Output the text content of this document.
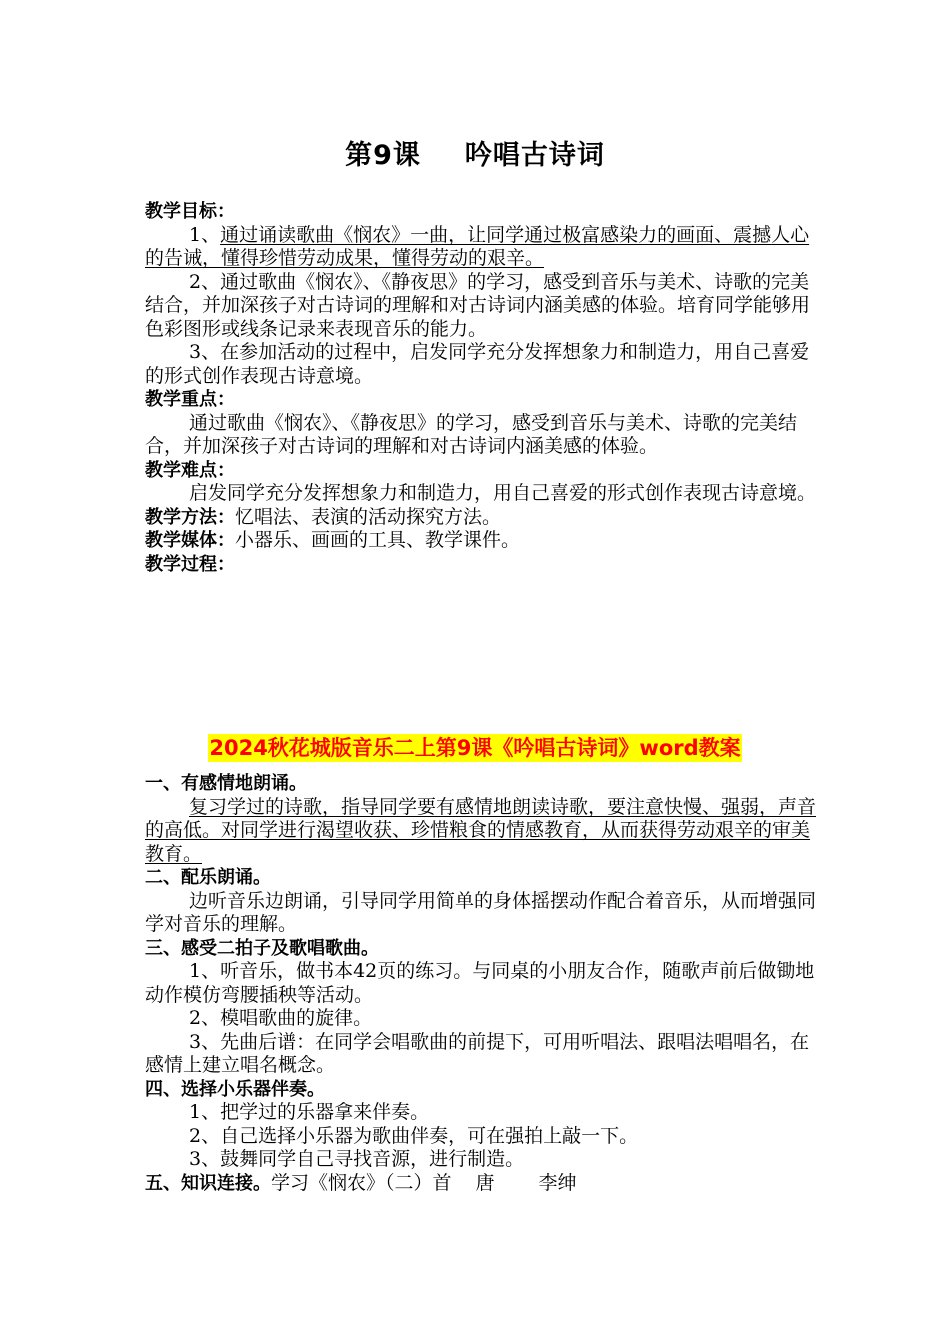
第9课 吟唱古诗词
教学目标：
1、通过诵读歌曲《悯农》一曲，让同学通过极富感染力的画面、震撼人心的告诫，懂得珍惜劳动成果，懂得劳动的艰辛。
2、通过歌曲《悯农》、《静夜思》的学习，感受到音乐与美术、诗歌的完美结合，并加深孩子对古诗词的理解和对古诗词内涵美感的体验。培育同学能够用色彩图形或线条记录来表现音乐的能力。
3、在参加活动的过程中，启发同学充分发挥想象力和制造力，用自己喜爱的形式创作表现古诗意境。
教学重点：
通过歌曲《悯农》、《静夜思》的学习，感受到音乐与美术、诗歌的完美结合，并加深孩子对古诗词的理解和对古诗词内涵美感的体验。
教学难点：
启发同学充分发挥想象力和制造力，用自己喜爱的形式创作表现古诗意境。
教学方法：忆唱法、表演的活动探究方法。
教学媒体：小器乐、画画的工具、教学课件。
教学过程：
2024秋花城版音乐二上第9课《吟唱古诗词》word教案
一、有感情地朗诵。
复习学过的诗歌，指导同学要有感情地朗读诗歌，要注意快慢、强弱，声音的高低。对同学进行渴望收获、珍惜粮食的情感教育，从而获得劳动艰辛的审美教育。
二、配乐朗诵。
边听音乐边朗诵，引导同学用简单的身体摇摆动作配合着音乐，从而增强同学对音乐的理解。
三、感受二拍子及歌唱歌曲。
1、听音乐，做书本42页的练习。与同桌的小朋友合作，随歌声前后做锄地动作模仿弯腰插秧等活动。
2、模唱歌曲的旋律。
3、先曲后谱：在同学会唱歌曲的前提下，可用听唱法、跟唱法唱唱名，在感情上建立唱名概念。
四、选择小乐器伴奏。
1、把学过的乐器拿来伴奏。
2、自己选择小乐器为歌曲伴奏，可在强拍上敲一下。
3、鼓舞同学自己寻找音源，进行制造。
五、知识连接。学习《悯农》（二）首 唐 李绅
